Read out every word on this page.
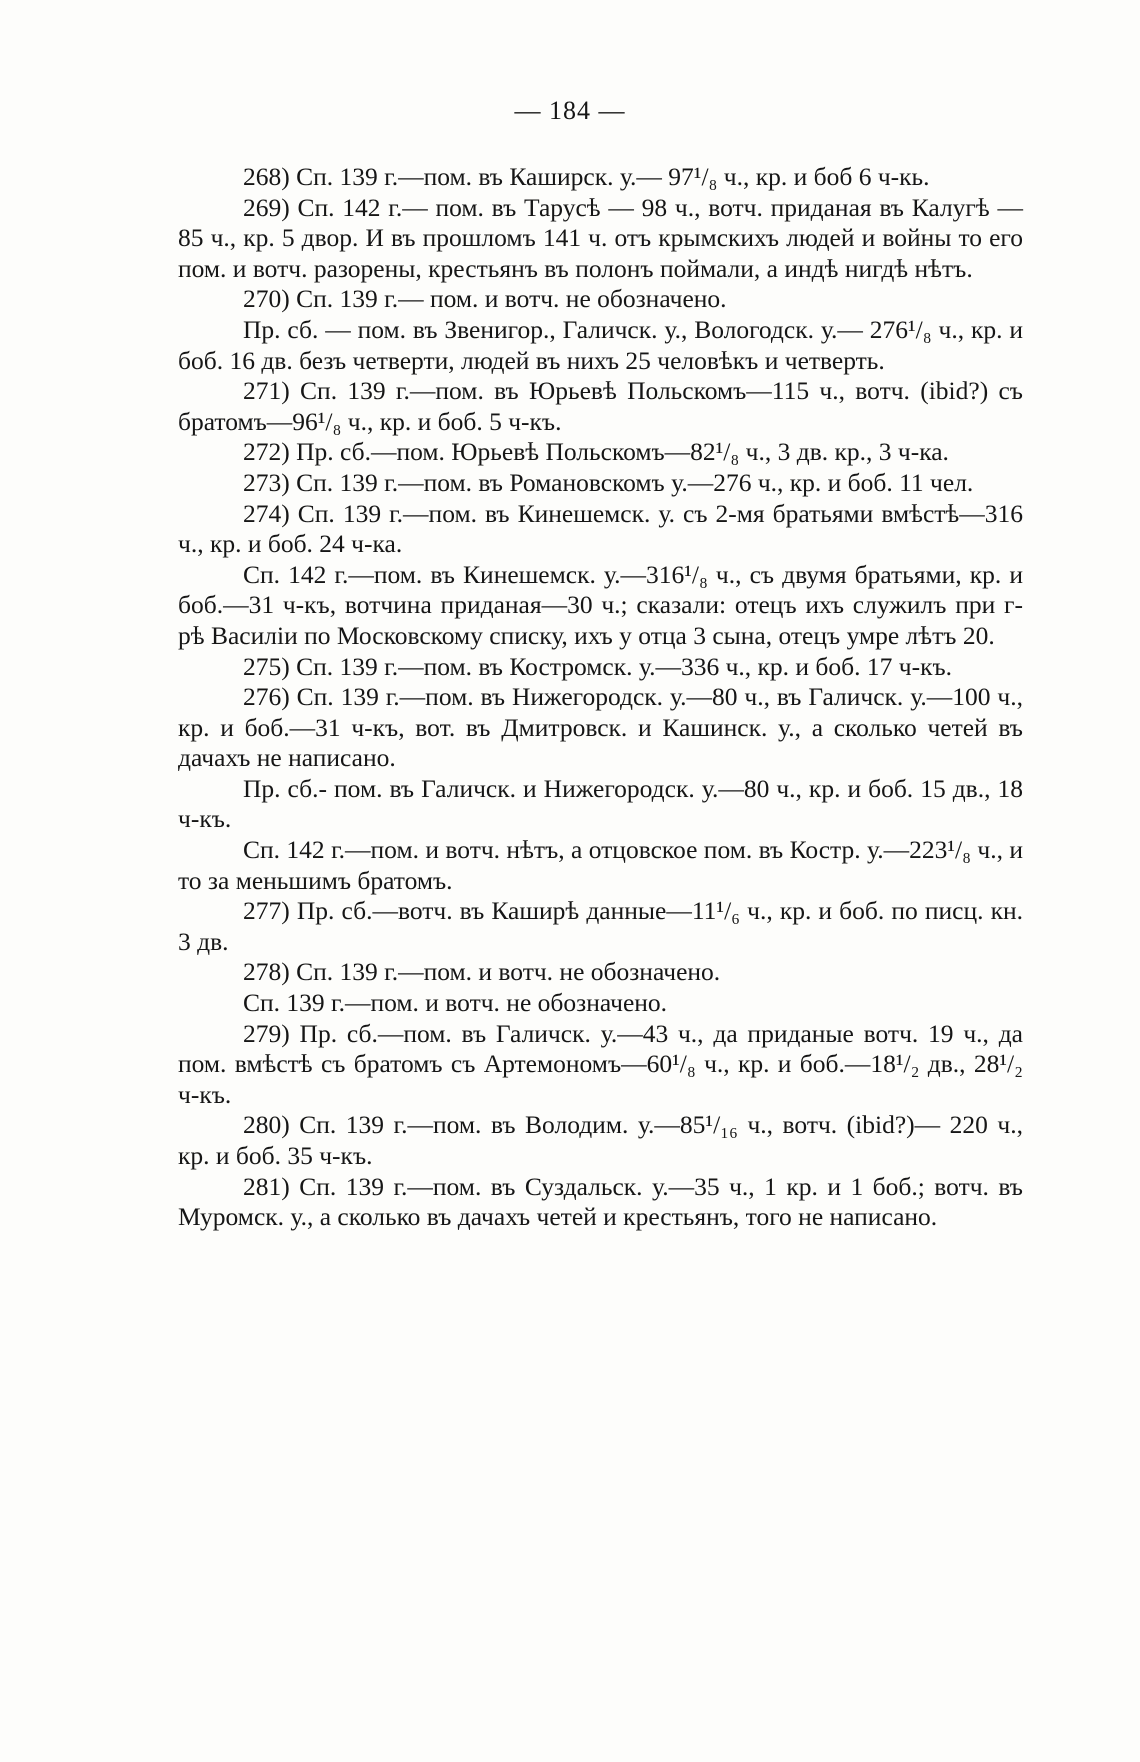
— 184 —

268) Сп. 139 г.—пом. въ Каширск. у.— 97¹/₈ ч., кр. и боб 6 ч-кь.

269) Сп. 142 г.— пом. въ Тарусѣ — 98 ч., вотч. приданая въ Калугѣ — 85 ч., кр. 5 двор. И въ прошломъ 141 ч. отъ крымскихъ людей и войны то его пом. и вотч. разорены, крестьянъ въ полонъ поймали, а индѣ нигдѣ нѣтъ.

270) Сп. 139 г.— пом. и вотч. не обозначено.

Пр. сб. — пом. въ Звенигор., Галичск. у., Вологодск. у.— 276¹/₈ ч., кр. и боб. 16 дв. безъ четверти, людей въ нихъ 25 человѣкъ и четверть.

271) Сп. 139 г.—пом. въ Юрьевѣ Польскомъ—115 ч., вотч. (ibid?) съ братомъ—96¹/₈ ч., кр. и боб. 5 ч-къ.

272) Пр. сб.—пом. Юрьевѣ Польскомъ—82¹/₈ ч., 3 дв. кр., 3 ч-ка.

273) Сп. 139 г.—пом. въ Романовскомъ у.—276 ч., кр. и боб. 11 чел.

274) Сп. 139 г.—пом. въ Кинешемск. у. съ 2-мя братьями вмѣстѣ—316 ч., кр. и боб. 24 ч-ка.

Сп. 142 г.—пом. въ Кинешемск. у.—316¹/₈ ч., съ двумя братьями, кр. и боб.—31 ч-къ, вотчина приданая—30 ч.; сказали: отецъ ихъ служилъ при г-рѣ Василіи по Московскому списку, ихъ у отца 3 сына, отецъ умре лѣтъ 20.

275) Сп. 139 г.—пом. въ Костромск. у.—336 ч., кр. и боб. 17 ч-къ.

276) Сп. 139 г.—пом. въ Нижегородск. у.—80 ч., въ Галичск. у.—100 ч., кр. и боб.—31 ч-къ, вот. въ Дмитровск. и Кашинск. у., а сколько четей въ дачахъ не написано.

Пр. сб.- пом. въ Галичск. и Нижегородск. у.—80 ч., кр. и боб. 15 дв., 18 ч-къ.

Сп. 142 г.—пом. и вотч. нѣтъ, а отцовское пом. въ Костр. у.—223¹/₈ ч., и то за меньшимъ братомъ.

277) Пр. сб.—вотч. въ Каширѣ данные—11¹/₆ ч., кр. и боб. по писц. кн. 3 дв.

278) Сп. 139 г.—пом. и вотч. не обозначено.

Сп. 139 г.—пом. и вотч. не обозначено.

279) Пр. сб.—пом. въ Галичск. у.—43 ч., да приданые вотч. 19 ч., да пом. вмѣстѣ съ братомъ съ Артемономъ—60¹/₈ ч., кр. и боб.—18¹/₂ дв., 28¹/₂ ч-къ.

280) Сп. 139 г.—пом. въ Володим. у.—85¹/₁₆ ч., вотч. (ibid?)— 220 ч., кр. и боб. 35 ч-къ.

281) Сп. 139 г.—пом. въ Суздальск. у.—35 ч., 1 кр. и 1 боб.; вотч. въ Муромск. у., а сколько въ дачахъ четей и крестьянъ, того не написано.
